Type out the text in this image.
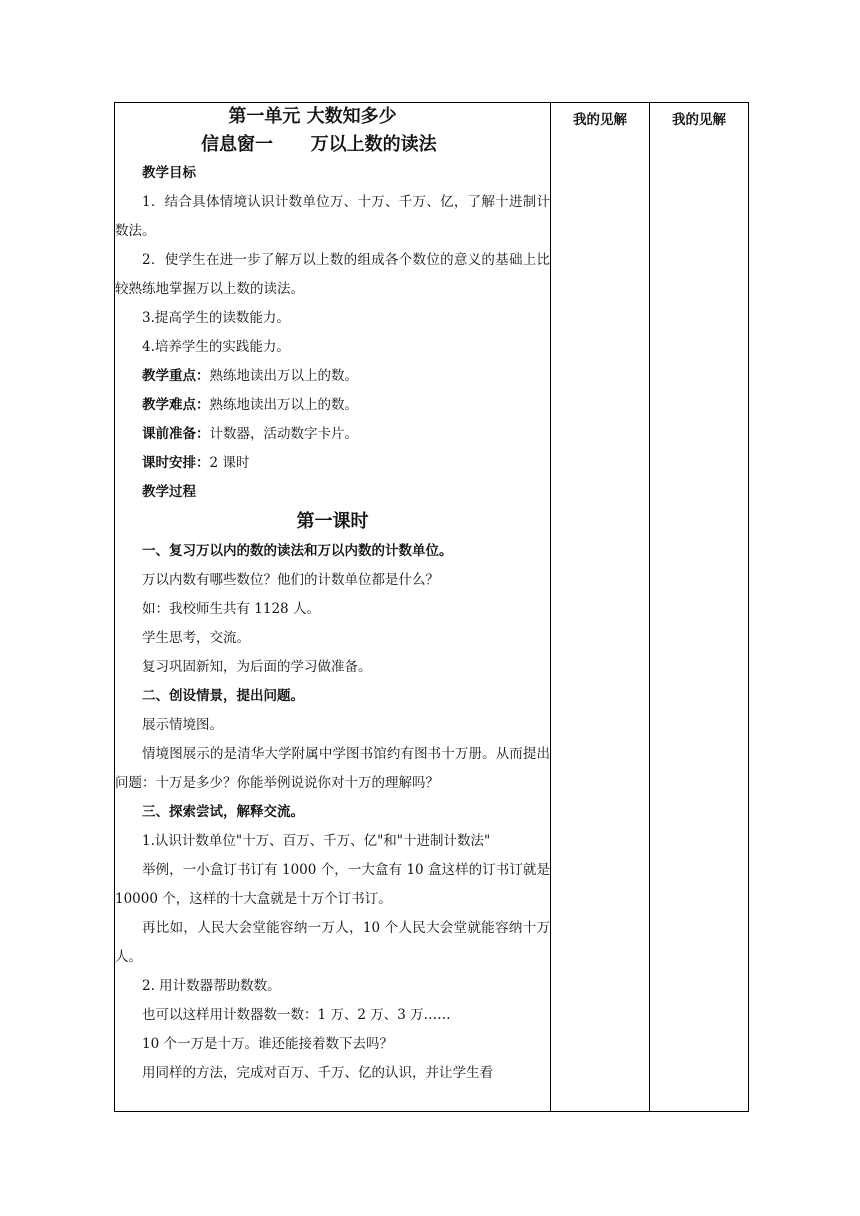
第一单元 大数知多少
信息窗一      万以上数的读法

教学目标

1．结合具体情境认识计数单位万、十万、千万、亿，了解十进制计数法。

2．使学生在进一步了解万以上数的组成各个数位的意义的基础上比较熟练地掌握万以上数的读法。

3.提高学生的读数能力。

4.培养学生的实践能力。

教学重点：熟练地读出万以上的数。

教学难点：熟练地读出万以上的数。

课前准备：计数器，活动数字卡片。

课时安排：2 课时

教学过程

第一课时

一、复习万以内的数的读法和万以内数的计数单位。

万以内数有哪些数位？他们的计数单位都是什么？

如：我校师生共有 1128 人。

学生思考，交流。

复习巩固新知，为后面的学习做准备。

二、创设情景，提出问题。

展示情境图。

情境图展示的是清华大学附属中学图书馆约有图书十万册。从而提出问题：十万是多少？你能举例说说你对十万的理解吗？

三、探索尝试，解释交流。

1.认识计数单位"十万、百万、千万、亿"和"十进制计数法"

举例，一小盒订书订有 1000 个，一大盒有 10 盒这样的订书订就是 10000 个，这样的十大盒就是十万个订书订。

再比如，人民大会堂能容纳一万人，10 个人民大会堂就能容纳十万人。

2. 用计数器帮助数数。

也可以这样用计数器数一数：1 万、2 万、3 万……

10 个一万是十万。谁还能接着数下去吗？

用同样的方法，完成对百万、千万、亿的认识，并让学生看

我的见解	我的见解
